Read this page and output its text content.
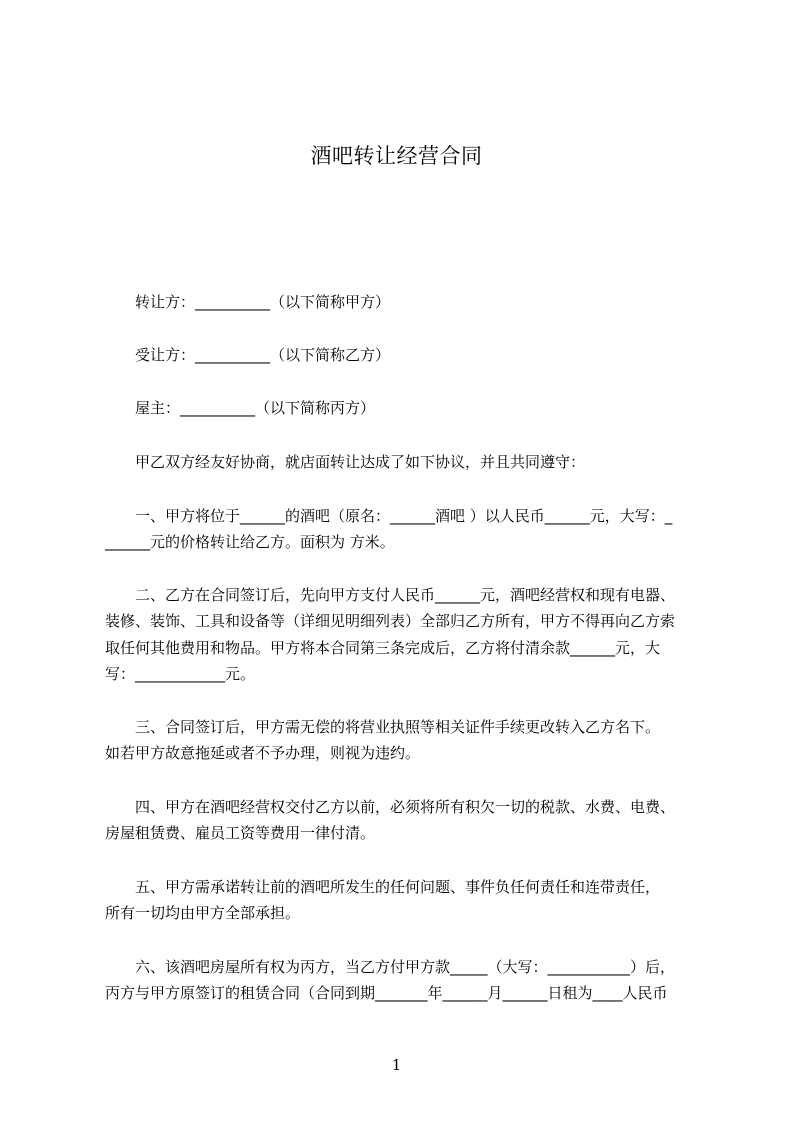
酒吧转让经营合同
转让方：__________（以下简称甲方）
受让方：__________（以下简称乙方）
屋主：__________（以下简称丙方）
甲乙双方经友好协商，就店面转让达成了如下协议，并且共同遵守：
一、甲方将位于______的酒吧（原名：______酒吧 ）以人民币______元，大写：_
______元的价格转让给乙方。面积为 方米。
二、乙方在合同签订后，先向甲方支付人民币______元，酒吧经营权和现有电器、
装修、装饰、工具和设备等（详细见明细列表）全部归乙方所有，甲方不得再向乙方索
取任何其他费用和物品。甲方将本合同第三条完成后，乙方将付清余款______元，大
写：____________元。
三、合同签订后，甲方需无偿的将营业执照等相关证件手续更改转入乙方名下。
如若甲方故意拖延或者不予办理，则视为违约。
四、甲方在酒吧经营权交付乙方以前，必须将所有积欠一切的税款、水费、电费、
房屋租赁费、雇员工资等费用一律付清。
五、甲方需承诺转让前的酒吧所发生的任何问题、事件负任何责任和连带责任，
所有一切均由甲方全部承担。
六、该酒吧房屋所有权为丙方，当乙方付甲方款_____（大写：___________）后，
丙方与甲方原签订的租赁合同（合同到期_______年______月______日租为____人民币
1
